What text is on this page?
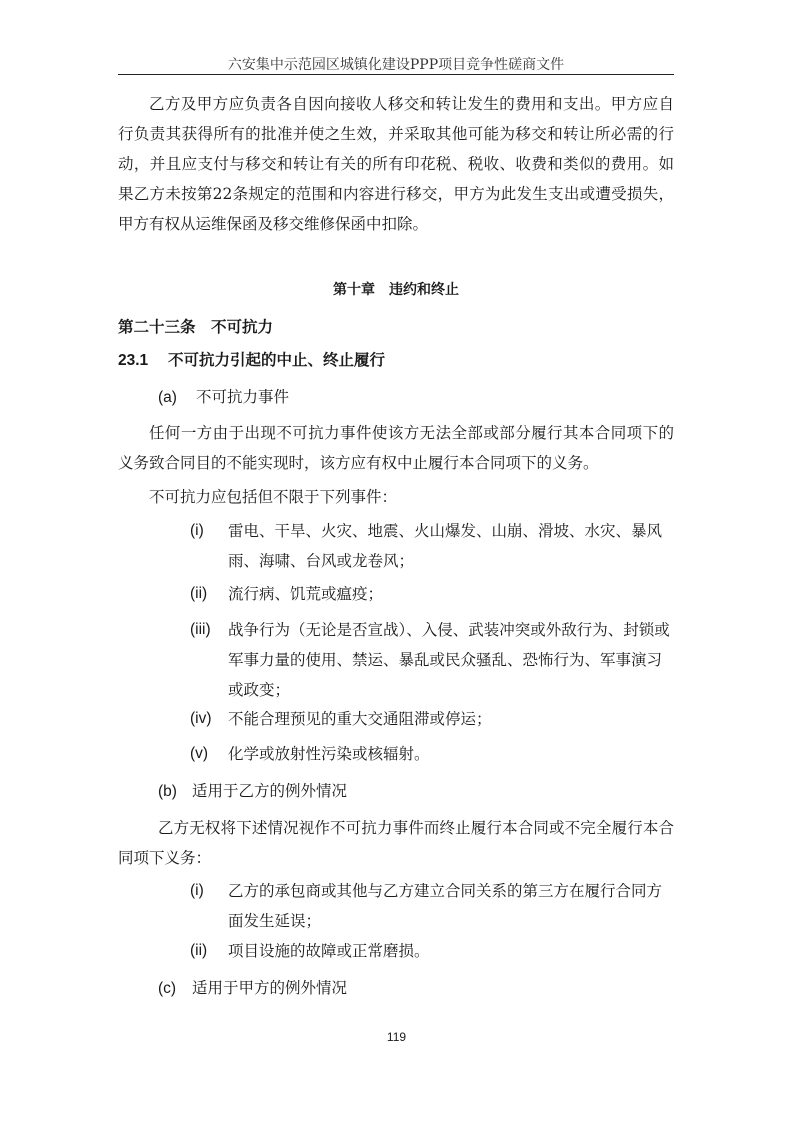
六安集中示范园区城镇化建设PPP项目竞争性磋商文件

乙方及甲方应负责各自因向接收人移交和转让发生的费用和支出。甲方应自行负责其获得所有的批准并使之生效，并采取其他可能为移交和转让所必需的行动，并且应支付与移交和转让有关的所有印花税、税收、收费和类似的费用。如果乙方未按第22条规定的范围和内容进行移交，甲方为此发生支出或遭受损失，甲方有权从运维保函及移交维修保函中扣除。

第十章　违约和终止
第二十三条　不可抗力
23.1 不可抗力引起的中止、终止履行
(a) 不可抗力事件

任何一方由于出现不可抗力事件使该方无法全部或部分履行其本合同项下的义务致合同目的不能实现时，该方应有权中止履行本合同项下的义务。

不可抗力应包括但不限于下列事件：

(i) 雷电、干旱、火灾、地震、火山爆发、山崩、滑坡、水灾、暴风雨、海啸、台风或龙卷风；
(ii) 流行病、饥荒或瘟疫；
(iii) 战争行为（无论是否宣战）、入侵、武装冲突或外敌行为、封锁或军事力量的使用、禁运、暴乱或民众骚乱、恐怖行为、军事演习或政变；
(iv) 不能合理预见的重大交通阻滞或停运；
(v) 化学或放射性污染或核辐射。
(b) 适用于乙方的例外情况

乙方无权将下述情况视作不可抗力事件而终止履行本合同或不完全履行本合同项下义务：

(i) 乙方的承包商或其他与乙方建立合同关系的第三方在履行合同方面发生延误；
(ii) 项目设施的故障或正常磨损。
(c) 适用于甲方的例外情况
119
